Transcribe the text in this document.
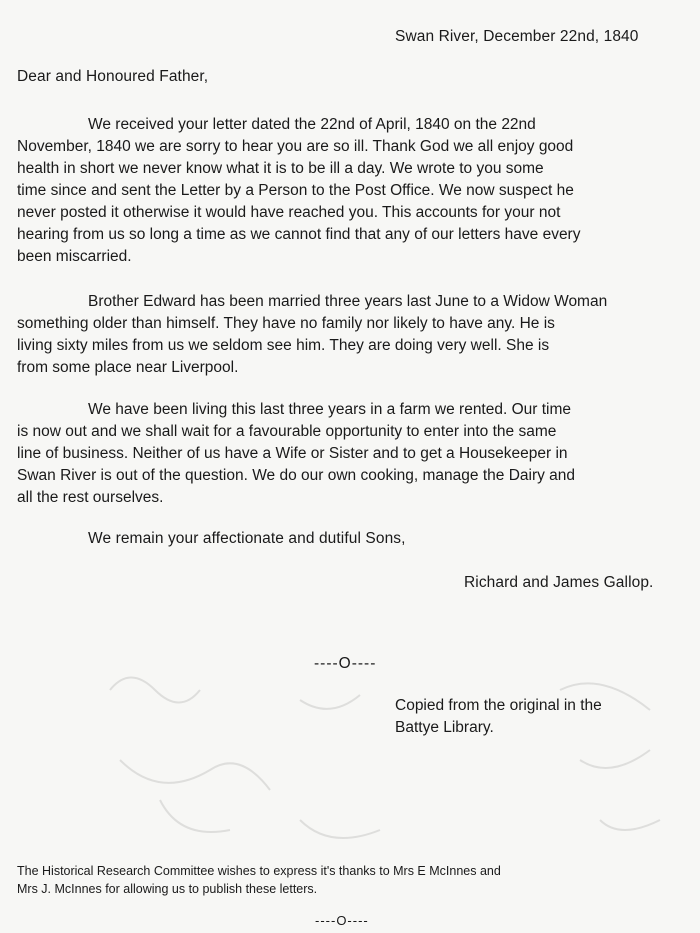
Swan River, December 22nd, 1840
Dear and Honoured Father,

We received your letter dated the 22nd of April, 1840 on the 22nd
November, 1840 we are sorry to hear you are so ill. Thank God we all enjoy good
health in short we never know what it is to be ill a day. We wrote to you some
time since and sent the Letter by a Person to the Post Office. We now suspect he
never posted it otherwise it would have reached you. This accounts for your not
hearing from us so long a time as we cannot find that any of our letters have every
been miscarried.

Brother Edward has been married three years last June to a Widow Woman
something older than himself. They have no family nor likely to have any. He is
living sixty miles from us we seldom see him. They are doing very well. She is
from some place near Liverpool.

We have been living this last three years in a farm we rented. Our time
is now out and we shall wait for a favourable opportunity to enter into the same
line of business. Neither of us have a Wife or Sister and to get a Housekeeper in
Swan River is out of the question. We do our own cooking, manage the Dairy and
all the rest ourselves.

We remain your affectionate and dutiful Sons,
Richard and James Gallop.
----O----

Copied from the original in the
Battye Library.

The Historical Research Committee wishes to express it's thanks to Mrs E McInnes and
Mrs J. McInnes for allowing us to publish these letters.

----O----
